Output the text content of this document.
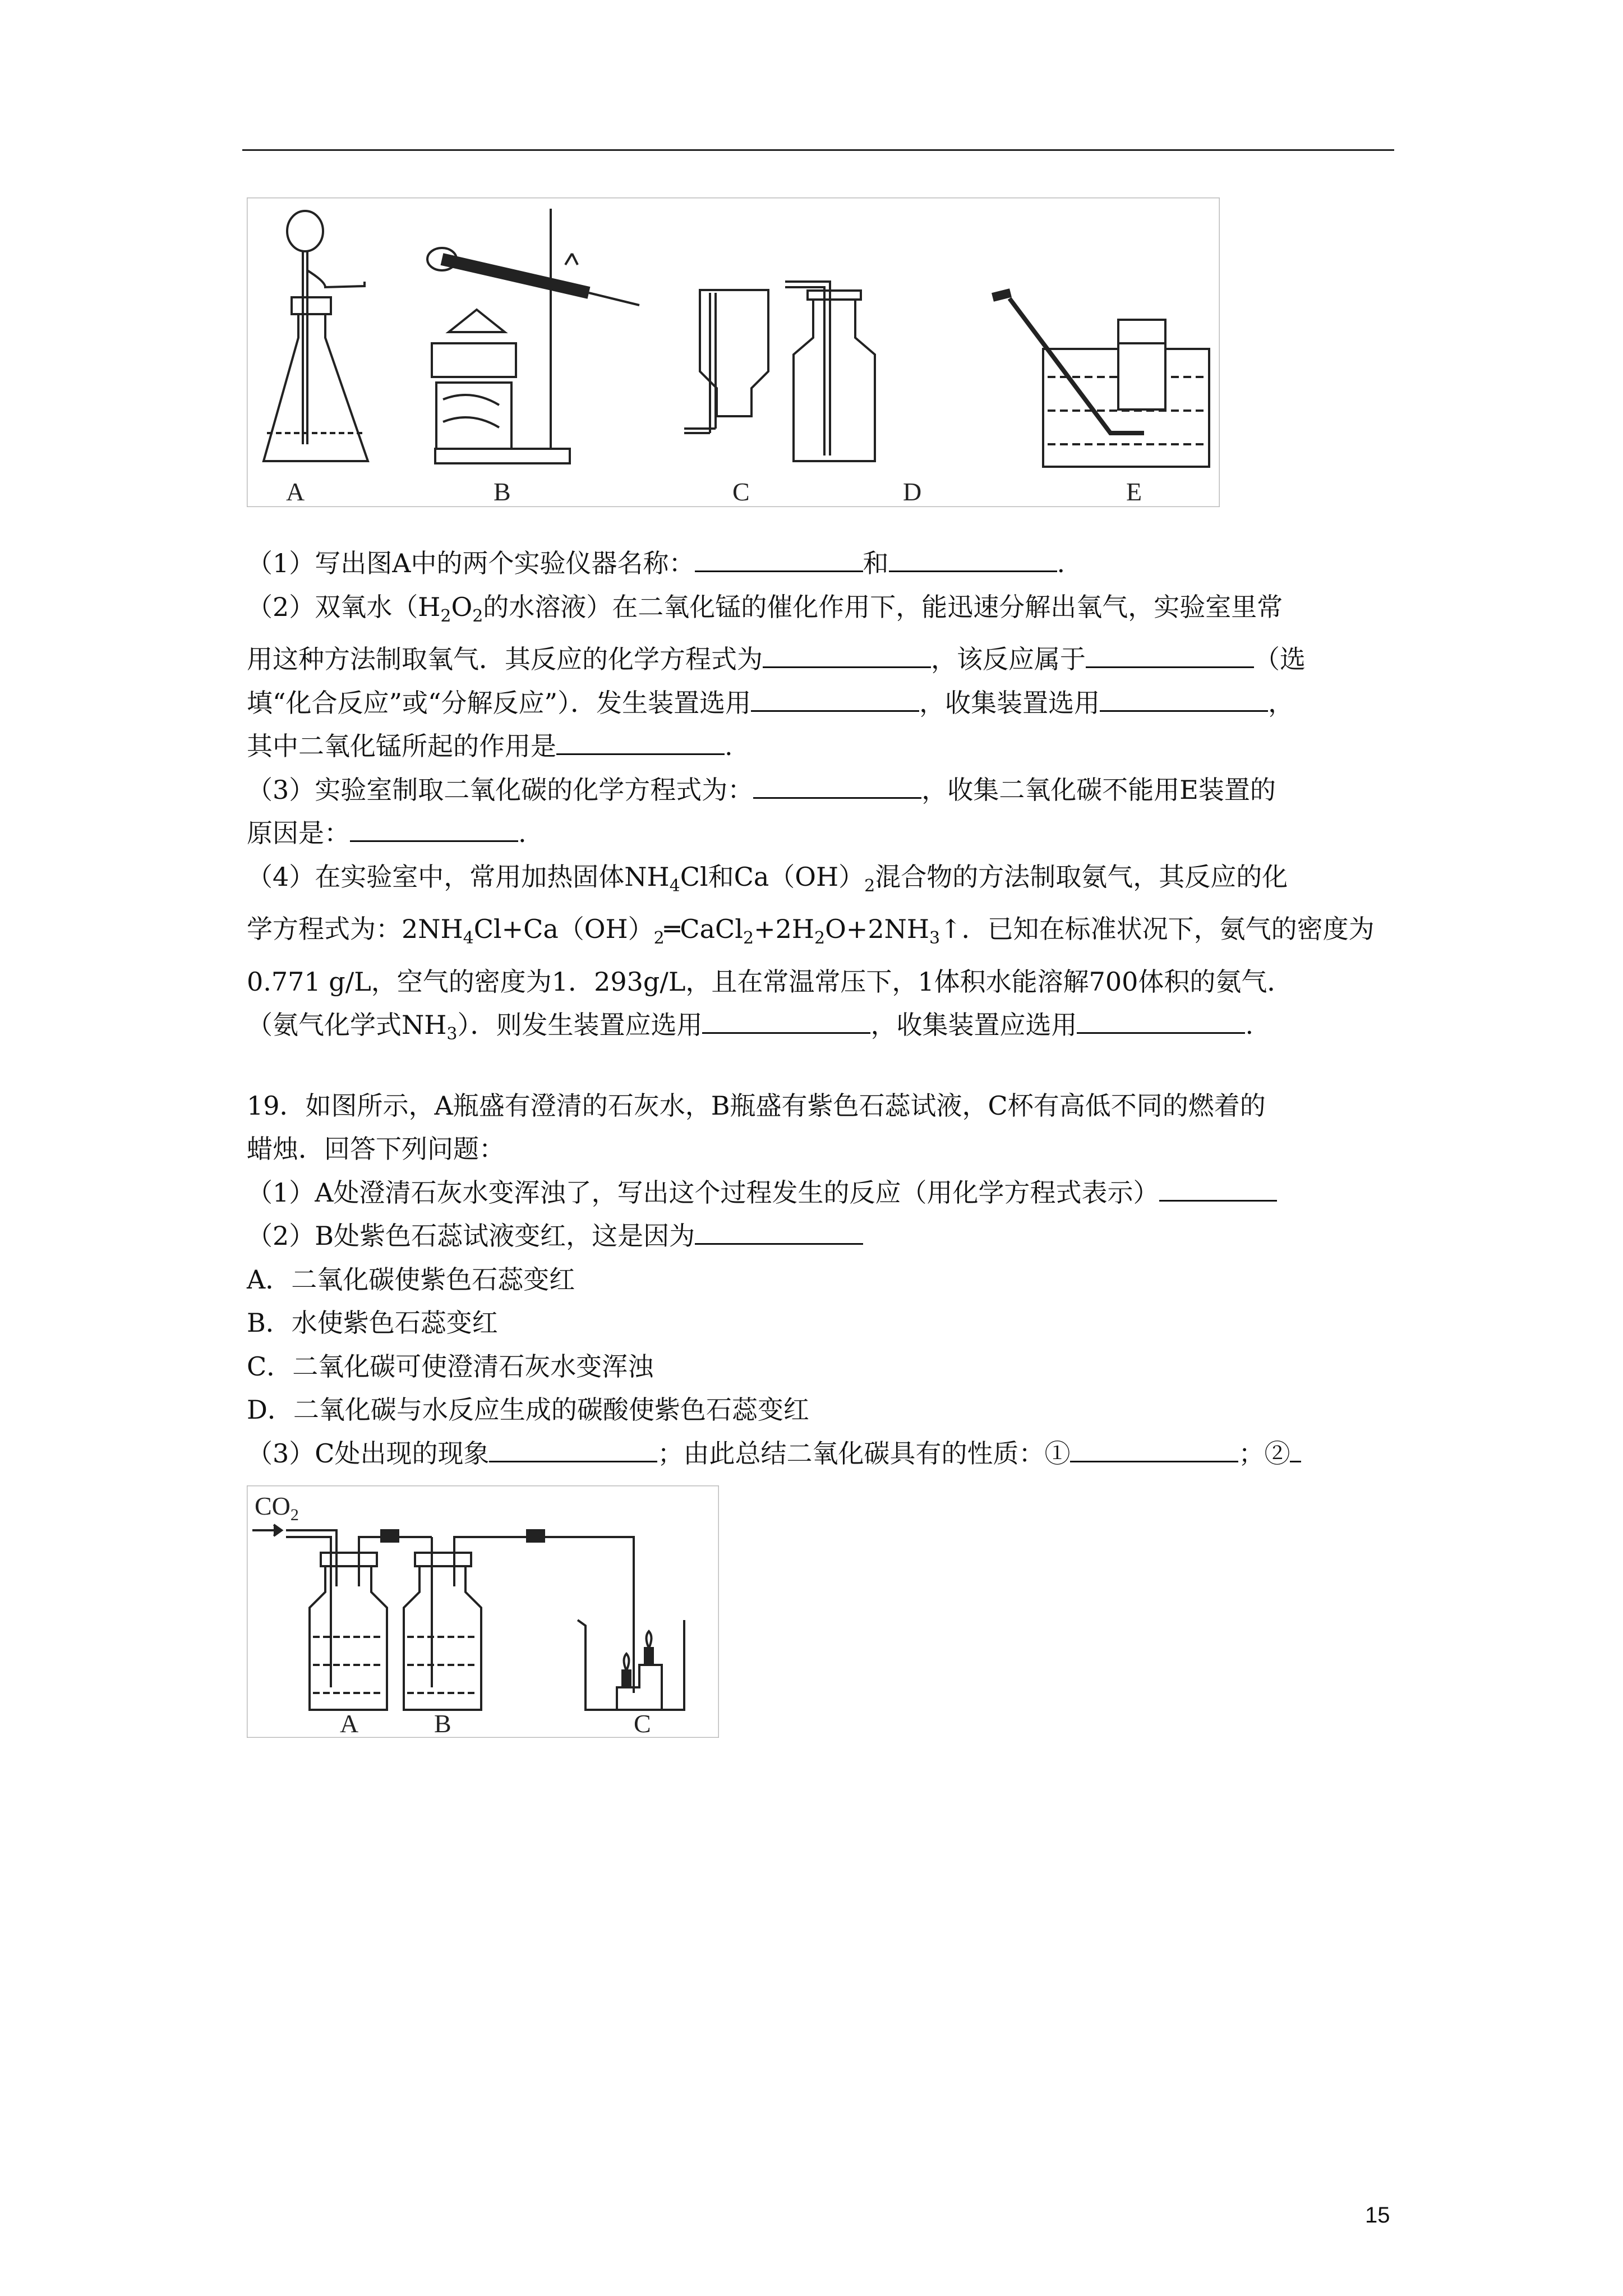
A	B	C	D	E

（1）写出图A中的两个实验仪器名称：	和	.

（2）双氧水（$H_2O_2$的水溶液）在二氧化锰的催化作用下，能迅速分解出氧气，实验室里常

用这种方法制取氧气．其反应的化学方程式为	，该反应属于	（选

填“化合反应”或“分解反应”）．发生装置选用	，收集装置选用	，

其中二氧化锰所起的作用是	.

（3）实验室制取二氧化碳的化学方程式为：	，收集二氧化碳不能用E装置的

原因是：	.

（4）在实验室中，常用加热固体$NH_4Cl$和$Ca(OH)_2$混合物的方法制取氨气，其反应的化

学方程式为：$2NH_4Cl+Ca(OH)_2═CaCl_2+2H_2O+2NH_3↑$．已知在标准状况下，氨气的密度为

0.771 g/L，空气的密度为1．293g/L，且在常温常压下，1体积水能溶解700体积的氨气．

（氨气化学式$NH_3$）．则发生装置应选用	，收集装置应选用	.

19．如图所示，A瓶盛有澄清的石灰水，B瓶盛有紫色石蕊试液，C杯有高低不同的燃着的

蜡烛．回答下列问题：

（1）A处澄清石灰水变浑浊了，写出这个过程发生的反应（用化学方程式表示）

（2）B处紫色石蕊试液变红，这是因为

A．二氧化碳使紫色石蕊变红

B．水使紫色石蕊变红

C．二氧化碳可使澄清石灰水变浑浊

D．二氧化碳与水反应生成的碳酸使紫色石蕊变红

（3）C处出现的现象	；由此总结二氧化碳具有的性质：①	；②

$CO_2$
A	B	C
15
